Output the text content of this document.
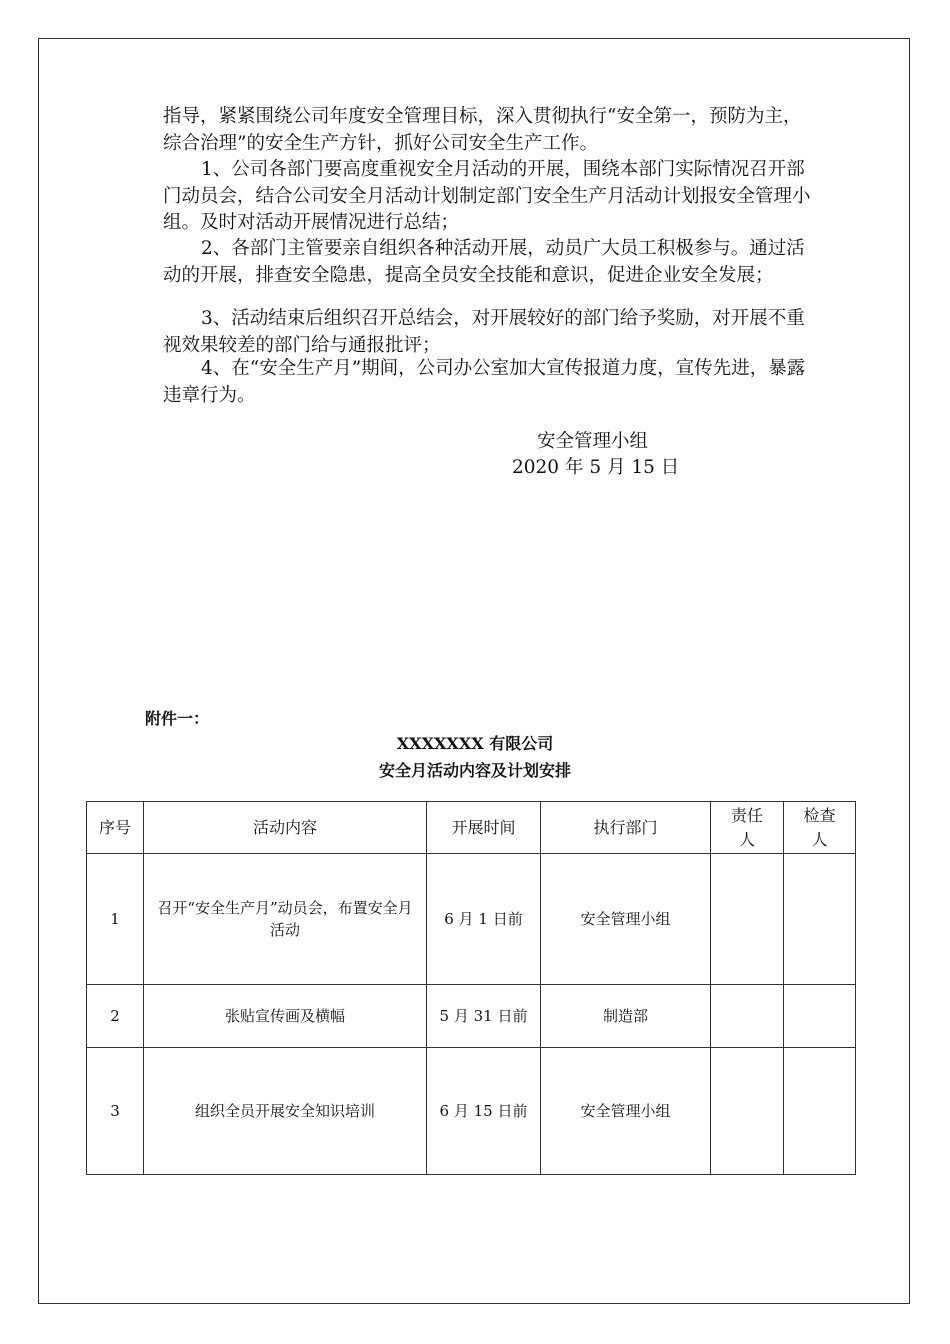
指导，紧紧围绕公司年度安全管理目标，深入贯彻执行“安全第一，预防为主，综合治理”的安全生产方针，抓好公司安全生产工作。
1、公司各部门要高度重视安全月活动的开展，围绕本部门实际情况召开部门动员会，结合公司安全月活动计划制定部门安全生产月活动计划报安全管理小组。及时对活动开展情况进行总结；
2、各部门主管要亲自组织各种活动开展，动员广大员工积极参与。通过活动的开展，排查安全隐患，提高全员安全技能和意识，促进企业安全发展；
3、活动结束后组织召开总结会，对开展较好的部门给予奖励，对开展不重视效果较差的部门给与通报批评；
4、在“安全生产月”期间，公司办公室加大宣传报道力度，宣传先进，暴露违章行为。
安全管理小组
2020 年 5 月 15 日
附件一：
XXXXXXX 有限公司
安全月活动内容及计划安排
序号	活动内容	开展时间	执行部门	责任人	检查人
1	召开“安全生产月”动员会，布置安全月活动	6 月 1 日前	安全管理小组		
2	张贴宣传画及横幅	5 月 31 日前	制造部		
3	组织全员开展安全知识培训	6 月 15 日前	安全管理小组		
